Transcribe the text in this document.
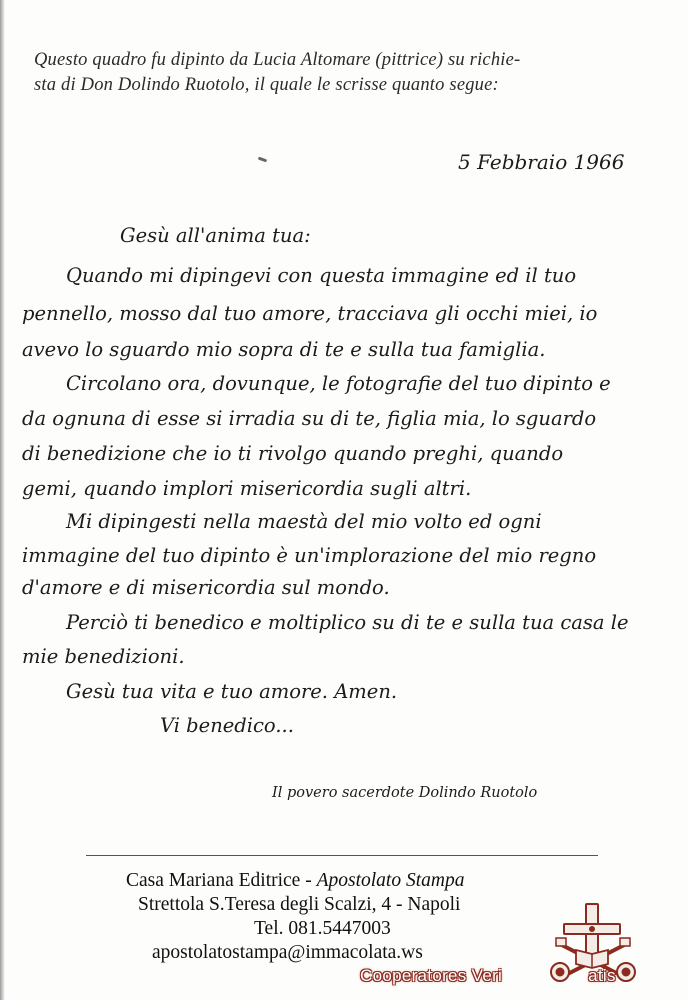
Questo quadro fu dipinto da Lucia Altomare (pittrice) su richie-
sta di Don Dolindo Ruotolo, il quale le scrisse quanto segue:
5 Febbraio 1966
Gesù all'anima tua:
Quando mi dipingevi con questa immagine ed il tuo
pennello, mosso dal tuo amore, tracciava gli occhi miei, io
avevo lo sguardo mio sopra di te e sulla tua famiglia.
Circolano ora, dovunque, le fotografie del tuo dipinto e
da ognuna di esse si irradia su di te, figlia mia, lo sguardo
di benedizione che io ti rivolgo quando preghi, quando
gemi, quando implori misericordia sugli altri.
Mi dipingesti nella maestà del mio volto ed ogni
immagine del tuo dipinto è un'implorazione del mio regno
d'amore e di misericordia sul mondo.
Perciò ti benedico e moltiplico su di te e sulla tua casa le
mie benedizioni.
Gesù tua vita e tuo amore. Amen.
Vi benedico...
Il povero sacerdote Dolindo Ruotolo
Casa Mariana Editrice - Apostolato Stampa
Strettola S.Teresa degli Scalzi, 4 - Napoli
Tel. 081.5447003
apostolatostampa@immacolata.ws
Cooperatores Veri	atis
